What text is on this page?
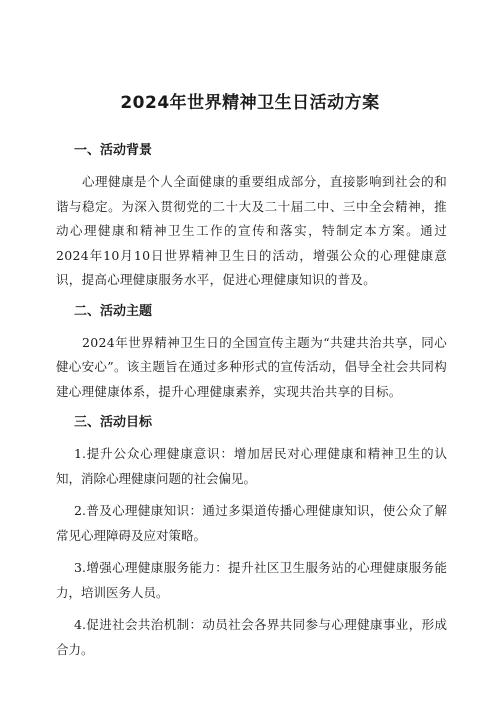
2024年世界精神卫生日活动方案
一、活动背景

心理健康是个人全面健康的重要组成部分，直接影响到社会的和谐与稳定。为深入贯彻党的二十大及二十届二中、三中全会精神，推动心理健康和精神卫生工作的宣传和落实，特制定本方案。通过2024年10月10日世界精神卫生日的活动，增强公众的心理健康意识，提高心理健康服务水平，促进心理健康知识的普及。

二、活动主题

2024年世界精神卫生日的全国宣传主题为“共建共治共享，同心健心安心”。该主题旨在通过多种形式的宣传活动，倡导全社会共同构建心理健康体系，提升心理健康素养，实现共治共享的目标。

三、活动目标

1.提升公众心理健康意识：增加居民对心理健康和精神卫生的认知，消除心理健康问题的社会偏见。

2.普及心理健康知识：通过多渠道传播心理健康知识，使公众了解常见心理障碍及应对策略。

3.增强心理健康服务能力：提升社区卫生服务站的心理健康服务能力，培训医务人员。

4.促进社会共治机制：动员社会各界共同参与心理健康事业，形成合力。
